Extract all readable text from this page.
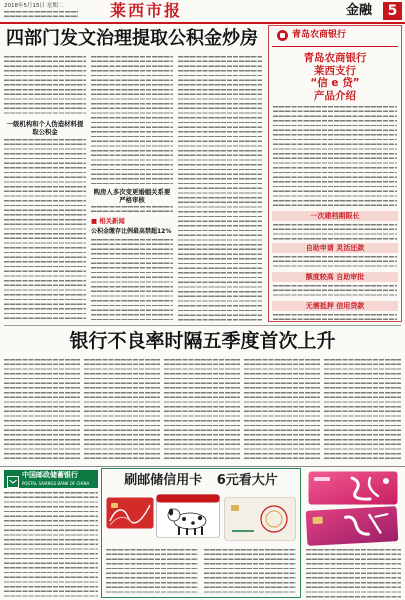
2018年5月15日 星期二	莱西市报	金融	5
四部门发文治理提取公积金炒房
一级机构和个人伪造材料提取公积金
购房人多次变更婚姻关系要严格审核
■ 相关新闻
公积金缴存比例最高禁超12%
青岛农商银行
青岛农商银行
莱西支行
“信 e 贷”
产品介绍
一次建档期限长
自助申请 灵活还款
额度较高 自助审批
无需抵押 信用贷款
银行不良率时隔五季度首次上升
中国邮政储蓄银行
POSTAL SAVINGS BANK OF CHINA	刷邮储信用卡 6元看大片
